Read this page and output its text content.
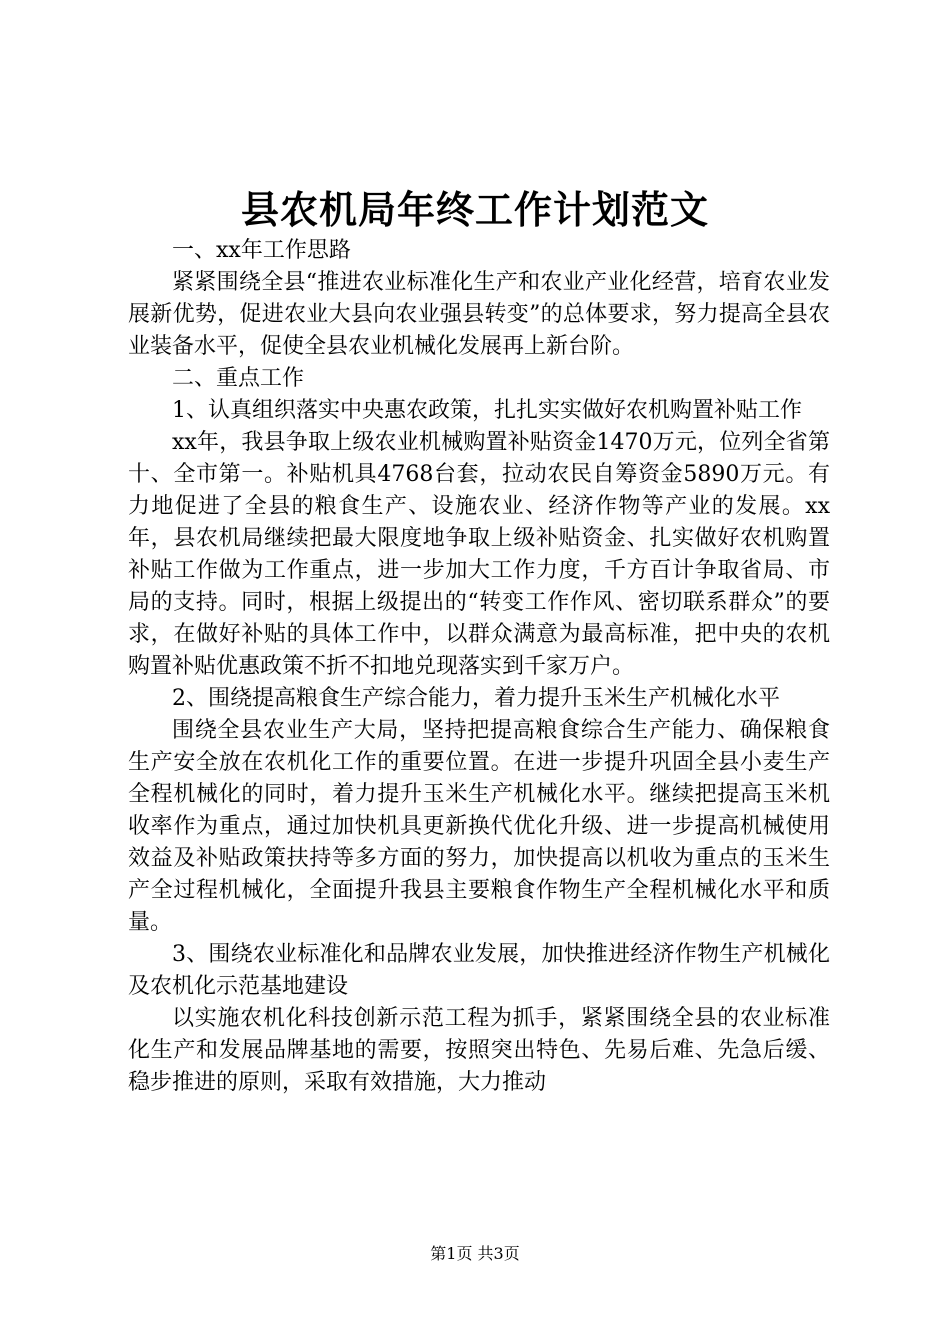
县农机局年终工作计划范文

一、xx年工作思路

紧紧围绕全县“推进农业标准化生产和农业产业化经营，培育农业发展新优势，促进农业大县向农业强县转变”的总体要求，努力提高全县农业装备水平，促使全县农业机械化发展再上新台阶。

二、重点工作

1、认真组织落实中央惠农政策，扎扎实实做好农机购置补贴工作

xx年，我县争取上级农业机械购置补贴资金1470万元，位列全省第十、全市第一。补贴机具4768台套，拉动农民自筹资金5890万元。有力地促进了全县的粮食生产、设施农业、经济作物等产业的发展。xx年，县农机局继续把最大限度地争取上级补贴资金、扎实做好农机购置补贴工作做为工作重点，进一步加大工作力度，千方百计争取省局、市局的支持。同时，根据上级提出的“转变工作作风、密切联系群众”的要求，在做好补贴的具体工作中，以群众满意为最高标准，把中央的农机购置补贴优惠政策不折不扣地兑现落实到千家万户。

2、围绕提高粮食生产综合能力，着力提升玉米生产机械化水平

围绕全县农业生产大局，坚持把提高粮食综合生产能力、确保粮食生产安全放在农机化工作的重要位置。在进一步提升巩固全县小麦生产全程机械化的同时，着力提升玉米生产机械化水平。继续把提高玉米机收率作为重点，通过加快机具更新换代优化升级、进一步提高机械使用效益及补贴政策扶持等多方面的努力，加快提高以机收为重点的玉米生产全过程机械化，全面提升我县主要粮食作物生产全程机械化水平和质量。

3、围绕农业标准化和品牌农业发展，加快推进经济作物生产机械化及农机化示范基地建设

以实施农机化科技创新示范工程为抓手，紧紧围绕全县的农业标准化生产和发展品牌基地的需要，按照突出特色、先易后难、先急后缓、稳步推进的原则，采取有效措施，大力推动

第1页 共3页
